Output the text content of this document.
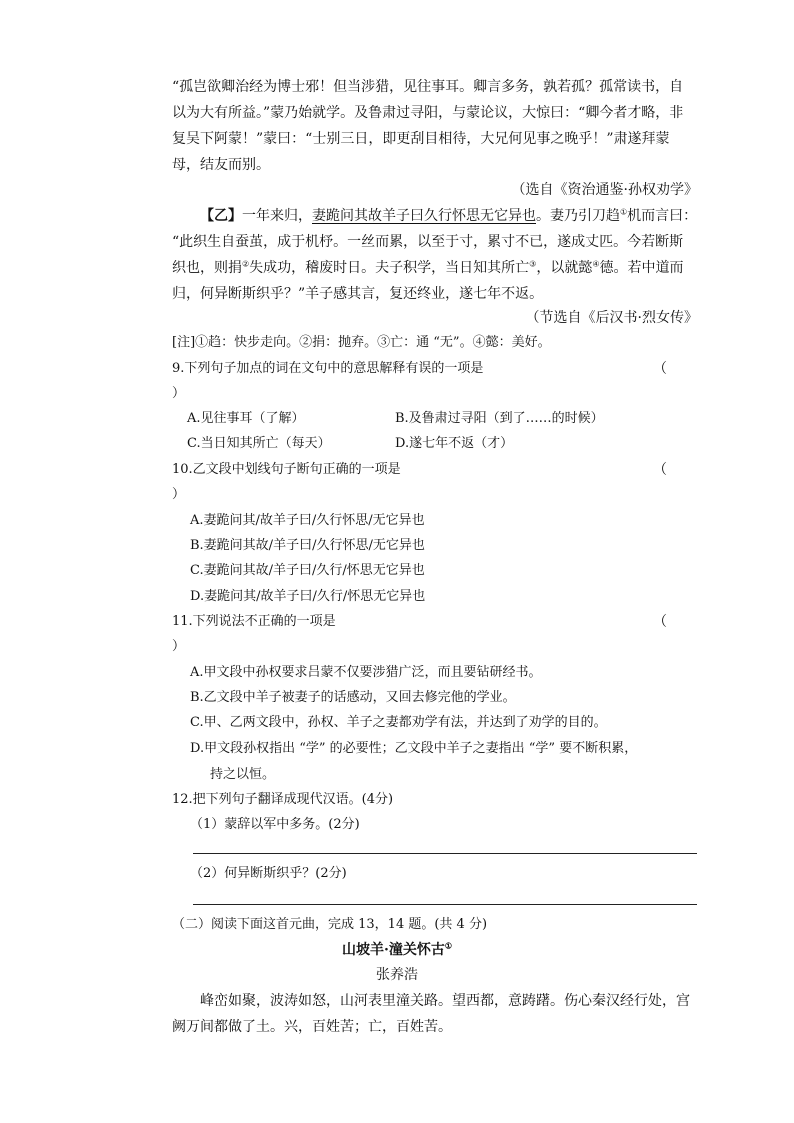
“孤岂欲卿治经为博士邪！但当涉猎，见往事耳。卿言多务，孰若孤？孤常读书，自
以为大有所益。”蒙乃始就学。及鲁肃过寻阳，与蒙论议，大惊曰：“卿今者才略，非
复吴下阿蒙！”蒙曰：“士别三日，即更刮目相待，大兄何见事之晚乎！”肃遂拜蒙
母，结友而别。
（选自《资治通鉴·孙权劝学》
【乙】一年来归，妻跪问其故羊子曰久行怀思无它异也。妻乃引刀趋①机而言曰：
“此织生自蚕茧，成于机杼。一丝而累，以至于寸，累寸不已，遂成丈匹。今若断斯
织也，则捐②失成功，稽废时日。夫子积学，当日知其所亡③，以就懿④德。若中道而
归，何异断斯织乎？”羊子感其言，复还终业，遂七年不返。
（节选自《后汉书·烈女传》
[注]①趋：快步走向。②捐：抛弃。③亡：通 “无”。④懿：美好。
9.下列句子加点的词在文句中的意思解释有误的一项是	（
）
A.见往事耳（了解）	B.及鲁肃过寻阳（到了……的时候）
C.当日知其所亡（每天）	D.遂七年不返（才）
10.乙文段中划线句子断句正确的一项是	（
）
A.妻跪问其/故羊子曰/久行怀思/无它异也
B.妻跪问其故/羊子曰/久行怀思/无它异也
C.妻跪问其故/羊子曰/久行/怀思无它异也
D.妻跪问其/故羊子曰/久行/怀思无它异也
11.下列说法不正确的一项是	（
）
A.甲文段中孙权要求吕蒙不仅要涉猎广泛，而且要钻研经书。
B.乙文段中羊子被妻子的话感动，又回去修完他的学业。
C.甲、乙两文段中，孙权、羊子之妻都劝学有法，并达到了劝学的目的。
D.甲文段孙权指出 “学” 的必要性；乙文段中羊子之妻指出 “学” 要不断积累，
持之以恒。
12.把下列句子翻译成现代汉语。(4分)
（1）蒙辞以军中多务。(2分)
（2）何异断斯织乎？(2分)
（二）阅读下面这首元曲，完成 13，14 题。(共 4 分)
山坡羊·潼关怀古①
张养浩
峰峦如聚，波涛如怒，山河表里潼关路。望西都，意踌躇。伤心秦汉经行处，宫
阙万间都做了土。兴，百姓苦；亡，百姓苦。
